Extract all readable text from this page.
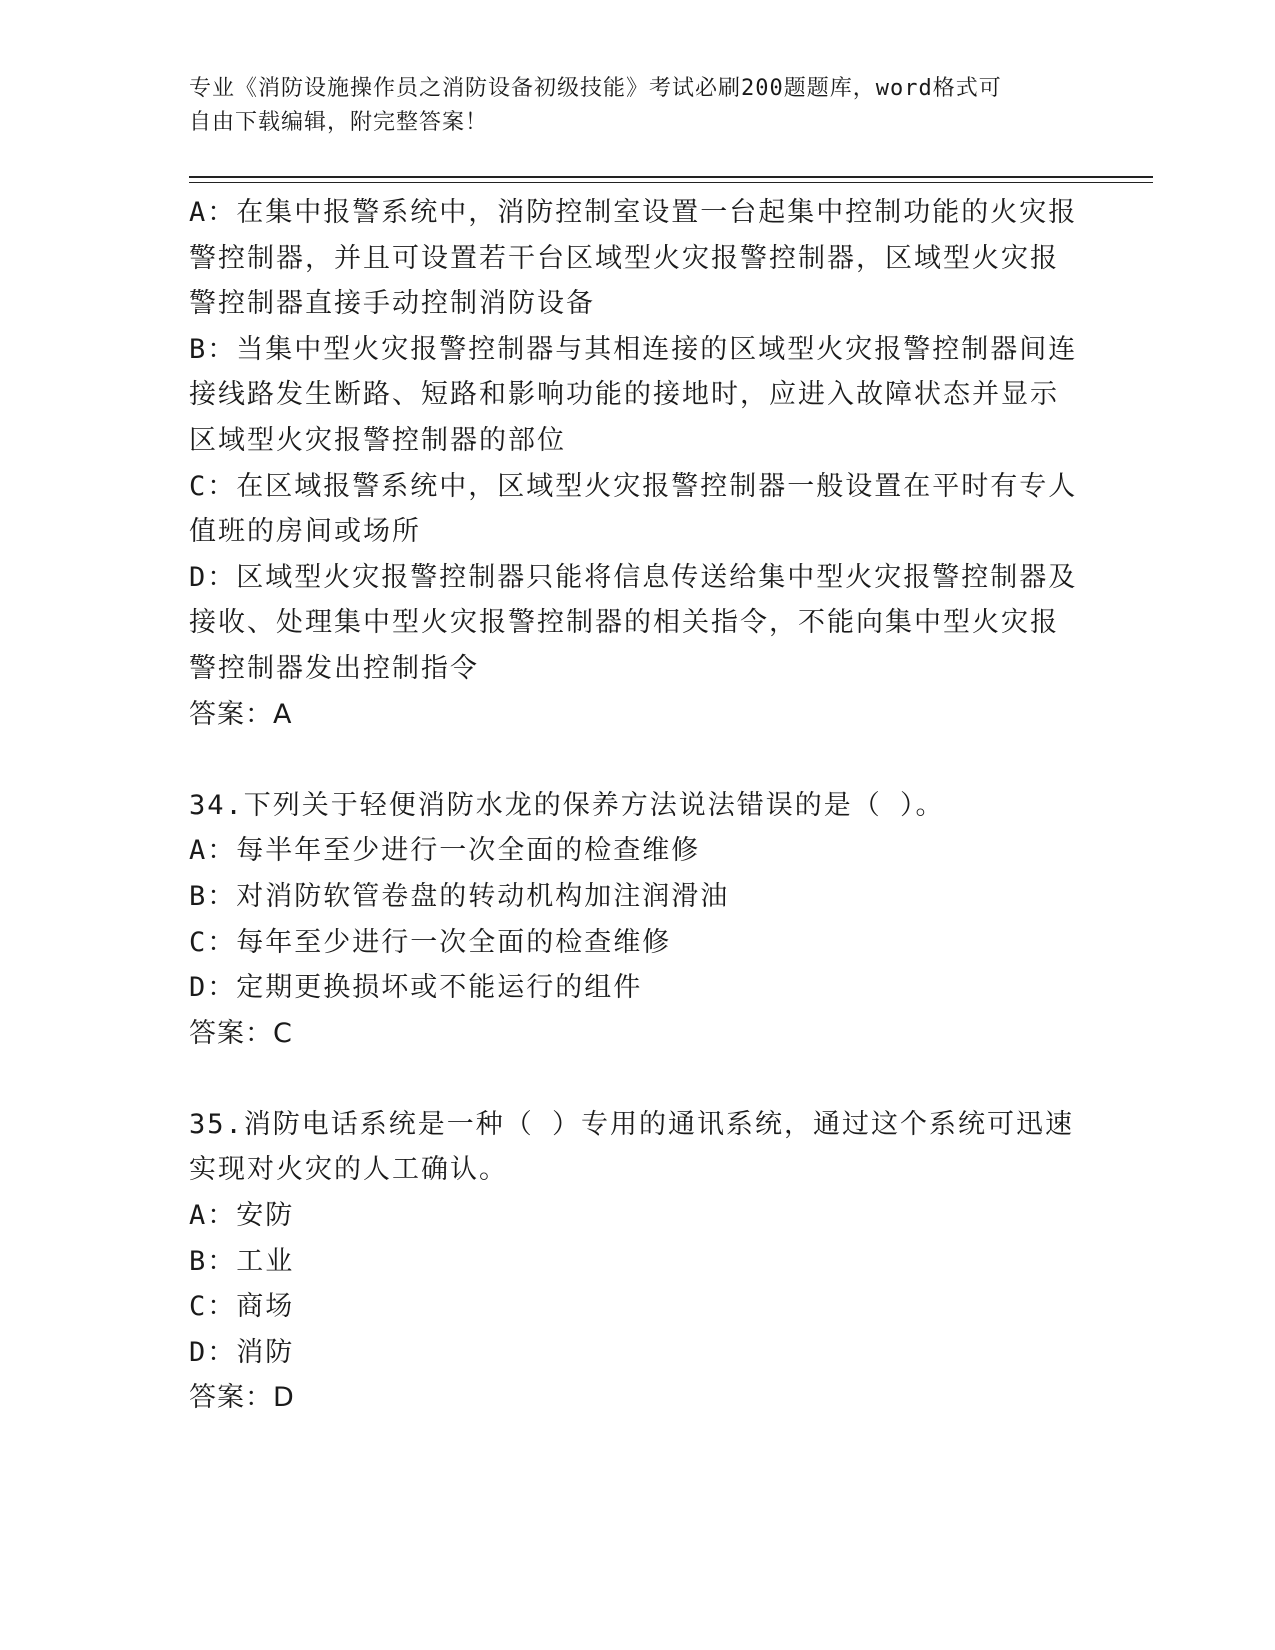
专业《消防设施操作员之消防设备初级技能》考试必刷200题题库，word格式可
自由下载编辑，附完整答案！
A：在集中报警系统中，消防控制室设置一台起集中控制功能的火灾报
警控制器，并且可设置若干台区域型火灾报警控制器，区域型火灾报
警控制器直接手动控制消防设备
B：当集中型火灾报警控制器与其相连接的区域型火灾报警控制器间连
接线路发生断路、短路和影响功能的接地时，应进入故障状态并显示
区域型火灾报警控制器的部位
C：在区域报警系统中，区域型火灾报警控制器一般设置在平时有专人
值班的房间或场所
D：区域型火灾报警控制器只能将信息传送给集中型火灾报警控制器及
接收、处理集中型火灾报警控制器的相关指令，不能向集中型火灾报
警控制器发出控制指令
答案：A
34.下列关于轻便消防水龙的保养方法说法错误的是（ ）。
A：每半年至少进行一次全面的检查维修
B：对消防软管卷盘的转动机构加注润滑油
C：每年至少进行一次全面的检查维修
D：定期更换损坏或不能运行的组件
答案：C
35.消防电话系统是一种（ ）专用的通讯系统，通过这个系统可迅速
实现对火灾的人工确认。
A：安防
B：工业
C：商场
D：消防
答案：D
